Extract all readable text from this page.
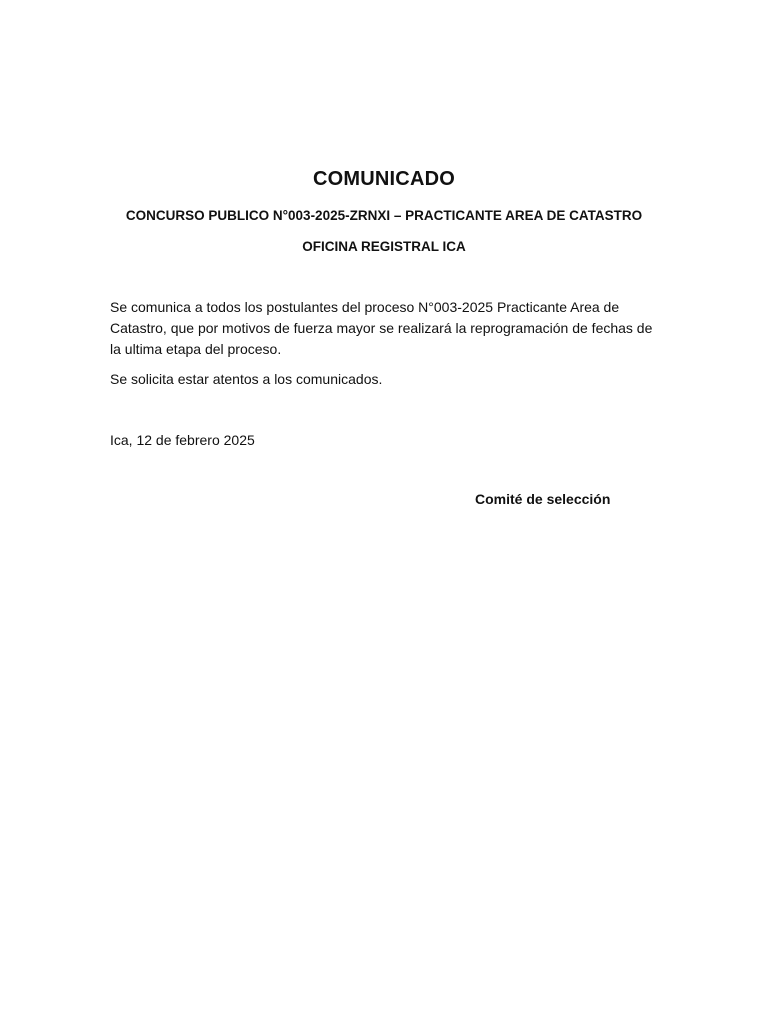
COMUNICADO
CONCURSO PUBLICO N°003-2025-ZRNXI – PRACTICANTE AREA DE CATASTRO
OFICINA REGISTRAL ICA
Se comunica a todos los postulantes del proceso N°003-2025 Practicante Area de Catastro, que por motivos de fuerza mayor se realizará la reprogramación de fechas de la ultima etapa del proceso.
Se solicita estar atentos a los comunicados.
Ica, 12 de febrero 2025
Comité de selección
